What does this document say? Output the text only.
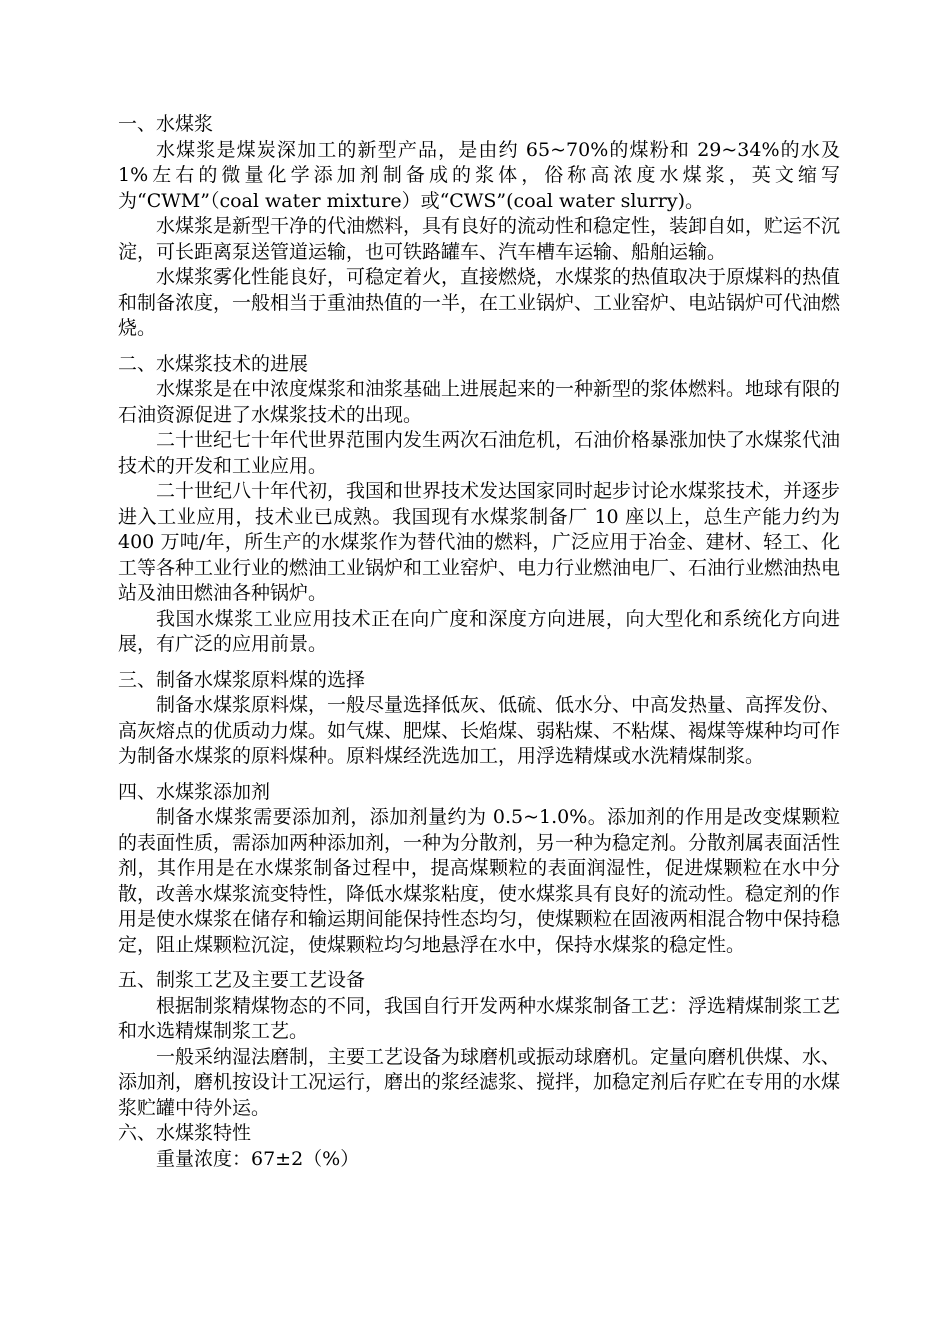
一、水煤浆

水煤浆是煤炭深加工的新型产品，是由约 65~70%的煤粉和 29~34%的水及 1%左右的微量化学添加剂制备成的浆体，俗称高浓度水煤浆，英文缩写为“CWM”（coal water mixture）或“CWS”(coal water slurry)。

水煤浆是新型干净的代油燃料，具有良好的流动性和稳定性，装卸自如，贮运不沉淀，可长距离泵送管道运输，也可铁路罐车、汽车槽车运输、船舶运输。

水煤浆雾化性能良好，可稳定着火，直接燃烧，水煤浆的热值取决于原煤料的热值和制备浓度，一般相当于重油热值的一半，在工业锅炉、工业窑炉、电站锅炉可代油燃烧。

二、水煤浆技术的进展

水煤浆是在中浓度煤浆和油浆基础上进展起来的一种新型的浆体燃料。地球有限的石油资源促进了水煤浆技术的出现。

二十世纪七十年代世界范围内发生两次石油危机，石油价格暴涨加快了水煤浆代油技术的开发和工业应用。

二十世纪八十年代初，我国和世界技术发达国家同时起步讨论水煤浆技术，并逐步进入工业应用，技术业已成熟。我国现有水煤浆制备厂 10 座以上，总生产能力约为 400 万吨/年，所生产的水煤浆作为替代油的燃料，广泛应用于冶金、建材、轻工、化工等各种工业行业的燃油工业锅炉和工业窑炉、电力行业燃油电厂、石油行业燃油热电站及油田燃油各种锅炉。

我国水煤浆工业应用技术正在向广度和深度方向进展，向大型化和系统化方向进展，有广泛的应用前景。

三、制备水煤浆原料煤的选择

制备水煤浆原料煤，一般尽量选择低灰、低硫、低水分、中高发热量、高挥发份、高灰熔点的优质动力煤。如气煤、肥煤、长焰煤、弱粘煤、不粘煤、褐煤等煤种均可作为制备水煤浆的原料煤种。原料煤经洗选加工，用浮选精煤或水洗精煤制浆。

四、水煤浆添加剂

制备水煤浆需要添加剂，添加剂量约为 0.5~1.0%。添加剂的作用是改变煤颗粒的表面性质，需添加两种添加剂，一种为分散剂，另一种为稳定剂。分散剂属表面活性剂，其作用是在水煤浆制备过程中，提高煤颗粒的表面润湿性，促进煤颗粒在水中分散，改善水煤浆流变特性，降低水煤浆粘度，使水煤浆具有良好的流动性。稳定剂的作用是使水煤浆在储存和输运期间能保持性态均匀，使煤颗粒在固液两相混合物中保持稳定，阻止煤颗粒沉淀，使煤颗粒均匀地悬浮在水中，保持水煤浆的稳定性。

五、制浆工艺及主要工艺设备

根据制浆精煤物态的不同，我国自行开发两种水煤浆制备工艺：浮选精煤制浆工艺和水选精煤制浆工艺。

一般采纳湿法磨制，主要工艺设备为球磨机或振动球磨机。定量向磨机供煤、水、添加剂，磨机按设计工况运行，磨出的浆经滤浆、搅拌，加稳定剂后存贮在专用的水煤浆贮罐中待外运。

六、水煤浆特性

重量浓度：67±2（%）
